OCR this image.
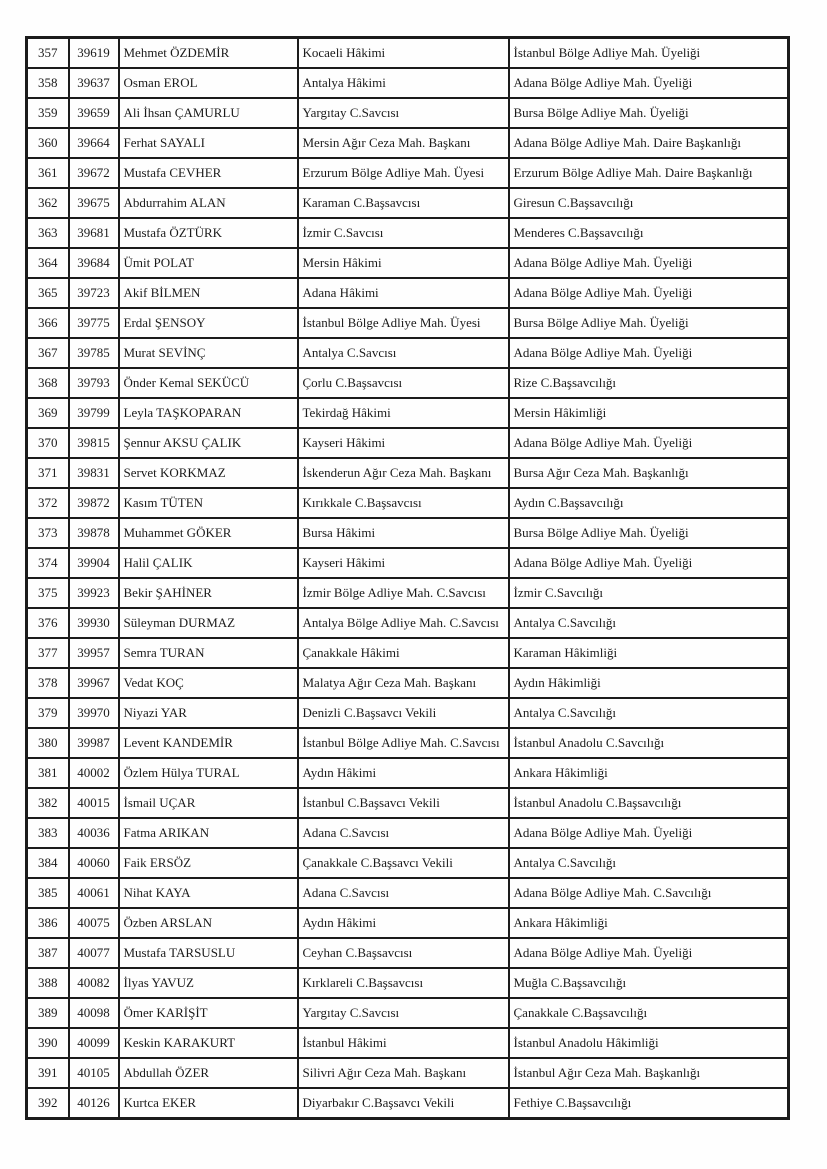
357	39619	Mehmet ÖZDEMİR	Kocaeli Hâkimi	İstanbul Bölge Adliye Mah. Üyeliği
358	39637	Osman EROL	Antalya Hâkimi	Adana Bölge Adliye Mah. Üyeliği
359	39659	Ali İhsan ÇAMURLU	Yargıtay C.Savcısı	Bursa Bölge Adliye Mah. Üyeliği
360	39664	Ferhat SAYALI	Mersin Ağır Ceza Mah. Başkanı	Adana Bölge Adliye Mah. Daire Başkanlığı
361	39672	Mustafa CEVHER	Erzurum Bölge Adliye Mah. Üyesi	Erzurum Bölge Adliye Mah. Daire Başkanlığı
362	39675	Abdurrahim ALAN	Karaman C.Başsavcısı	Giresun C.Başsavcılığı
363	39681	Mustafa ÖZTÜRK	İzmir C.Savcısı	Menderes C.Başsavcılığı
364	39684	Ümit POLAT	Mersin Hâkimi	Adana Bölge Adliye Mah. Üyeliği
365	39723	Akif BİLMEN	Adana Hâkimi	Adana Bölge Adliye Mah. Üyeliği
366	39775	Erdal ŞENSOY	İstanbul Bölge Adliye Mah. Üyesi	Bursa Bölge Adliye Mah. Üyeliği
367	39785	Murat SEVİNÇ	Antalya C.Savcısı	Adana Bölge Adliye Mah. Üyeliği
368	39793	Önder Kemal SEKÜCÜ	Çorlu C.Başsavcısı	Rize C.Başsavcılığı
369	39799	Leyla TAŞKOPARAN	Tekirdağ Hâkimi	Mersin Hâkimliği
370	39815	Şennur AKSU ÇALIK	Kayseri Hâkimi	Adana Bölge Adliye Mah. Üyeliği
371	39831	Servet KORKMAZ	İskenderun Ağır Ceza Mah. Başkanı	Bursa Ağır Ceza Mah. Başkanlığı
372	39872	Kasım TÜTEN	Kırıkkale C.Başsavcısı	Aydın C.Başsavcılığı
373	39878	Muhammet GÖKER	Bursa Hâkimi	Bursa Bölge Adliye Mah. Üyeliği
374	39904	Halil ÇALIK	Kayseri Hâkimi	Adana Bölge Adliye Mah. Üyeliği
375	39923	Bekir ŞAHİNER	İzmir Bölge Adliye Mah. C.Savcısı	İzmir C.Savcılığı
376	39930	Süleyman DURMAZ	Antalya Bölge Adliye Mah. C.Savcısı	Antalya C.Savcılığı
377	39957	Semra TURAN	Çanakkale Hâkimi	Karaman Hâkimliği
378	39967	Vedat KOÇ	Malatya Ağır Ceza Mah. Başkanı	Aydın Hâkimliği
379	39970	Niyazi YAR	Denizli C.Başsavcı Vekili	Antalya C.Savcılığı
380	39987	Levent KANDEMİR	İstanbul Bölge Adliye Mah. C.Savcısı	İstanbul Anadolu C.Savcılığı
381	40002	Özlem Hülya TURAL	Aydın Hâkimi	Ankara Hâkimliği
382	40015	İsmail UÇAR	İstanbul C.Başsavcı Vekili	İstanbul Anadolu C.Başsavcılığı
383	40036	Fatma ARIKAN	Adana C.Savcısı	Adana Bölge Adliye Mah. Üyeliği
384	40060	Faik ERSÖZ	Çanakkale C.Başsavcı Vekili	Antalya C.Savcılığı
385	40061	Nihat KAYA	Adana C.Savcısı	Adana Bölge Adliye Mah. C.Savcılığı
386	40075	Özben ARSLAN	Aydın Hâkimi	Ankara Hâkimliği
387	40077	Mustafa TARSUSLU	Ceyhan C.Başsavcısı	Adana Bölge Adliye Mah. Üyeliği
388	40082	İlyas YAVUZ	Kırklareli C.Başsavcısı	Muğla C.Başsavcılığı
389	40098	Ömer KARİŞİT	Yargıtay C.Savcısı	Çanakkale C.Başsavcılığı
390	40099	Keskin KARAKURT	İstanbul Hâkimi	İstanbul Anadolu Hâkimliği
391	40105	Abdullah ÖZER	Silivri Ağır Ceza Mah. Başkanı	İstanbul Ağır Ceza Mah. Başkanlığı
392	40126	Kurtca EKER	Diyarbakır C.Başsavcı Vekili	Fethiye C.Başsavcılığı
